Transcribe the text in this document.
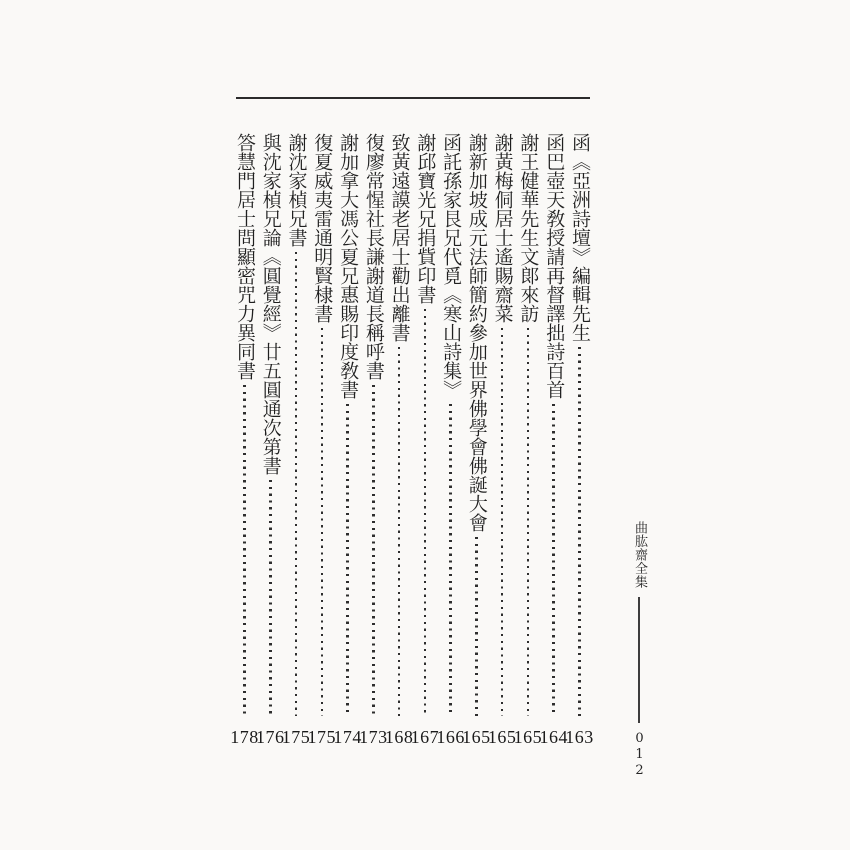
函《亞洲詩壇》編輯先生
163
函巴壺天敎授請再督譯拙詩百首
164
謝王健華先生文郞來訪
165
謝黃梅侗居士遙賜齋菜
165
謝新加坡成元法師簡約參加世界佛學會佛誕大會
165
函託孫家艮兄代覓《寒山詩集》
166
謝邱寶光兄捐貲印書
167
致黃遠謨老居士勸出離書
168
復廖常惺社長謙謝道長稱呼書
173
謝加拿大馮公夏兄惠賜印度敎書
174
復夏威夷雷通明賢棣書
175
謝沈家楨兄書
175
與沈家楨兄論《圓覺經》廿五圓通次第書
176
答慧門居士問顯密咒力異同書
178
曲肱齋全集
012
